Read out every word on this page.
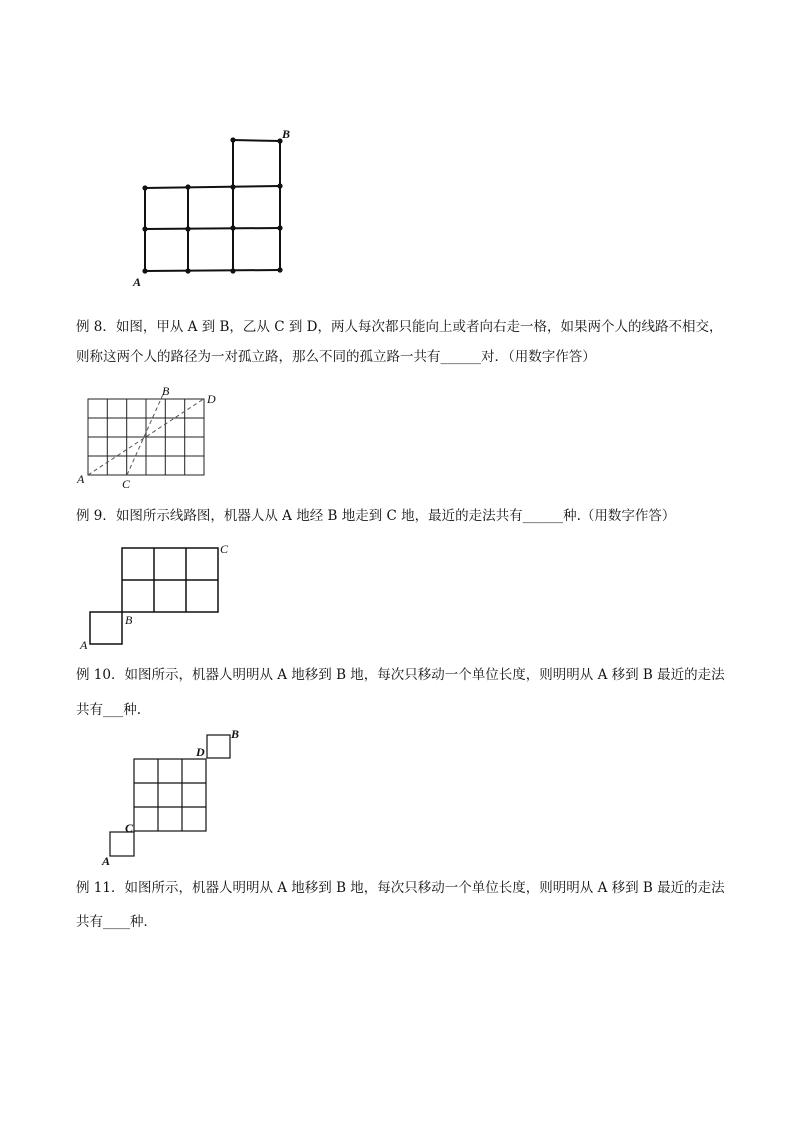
A
B
例 8．如图，甲从 A 到 B，乙从 C 到 D，两人每次都只能向上或者向右走一格，如果两个人的线路不相交，
则称这两个人的路径为一对孤立路，那么不同的孤立路一共有______对．（用数字作答）
A
B
C
D
例 9．如图所示线路图，机器人从 A 地经 B 地走到 C 地，最近的走法共有______种.（用数字作答）
A
B
C
例 10．如图所示，机器人明明从 A 地移到 B 地，每次只移动一个单位长度，则明明从 A 移到 B 最近的走法
共有___种.
A
B
C
D
例 11．如图所示，机器人明明从 A 地移到 B 地，每次只移动一个单位长度，则明明从 A 移到 B 最近的走法
共有____种．
